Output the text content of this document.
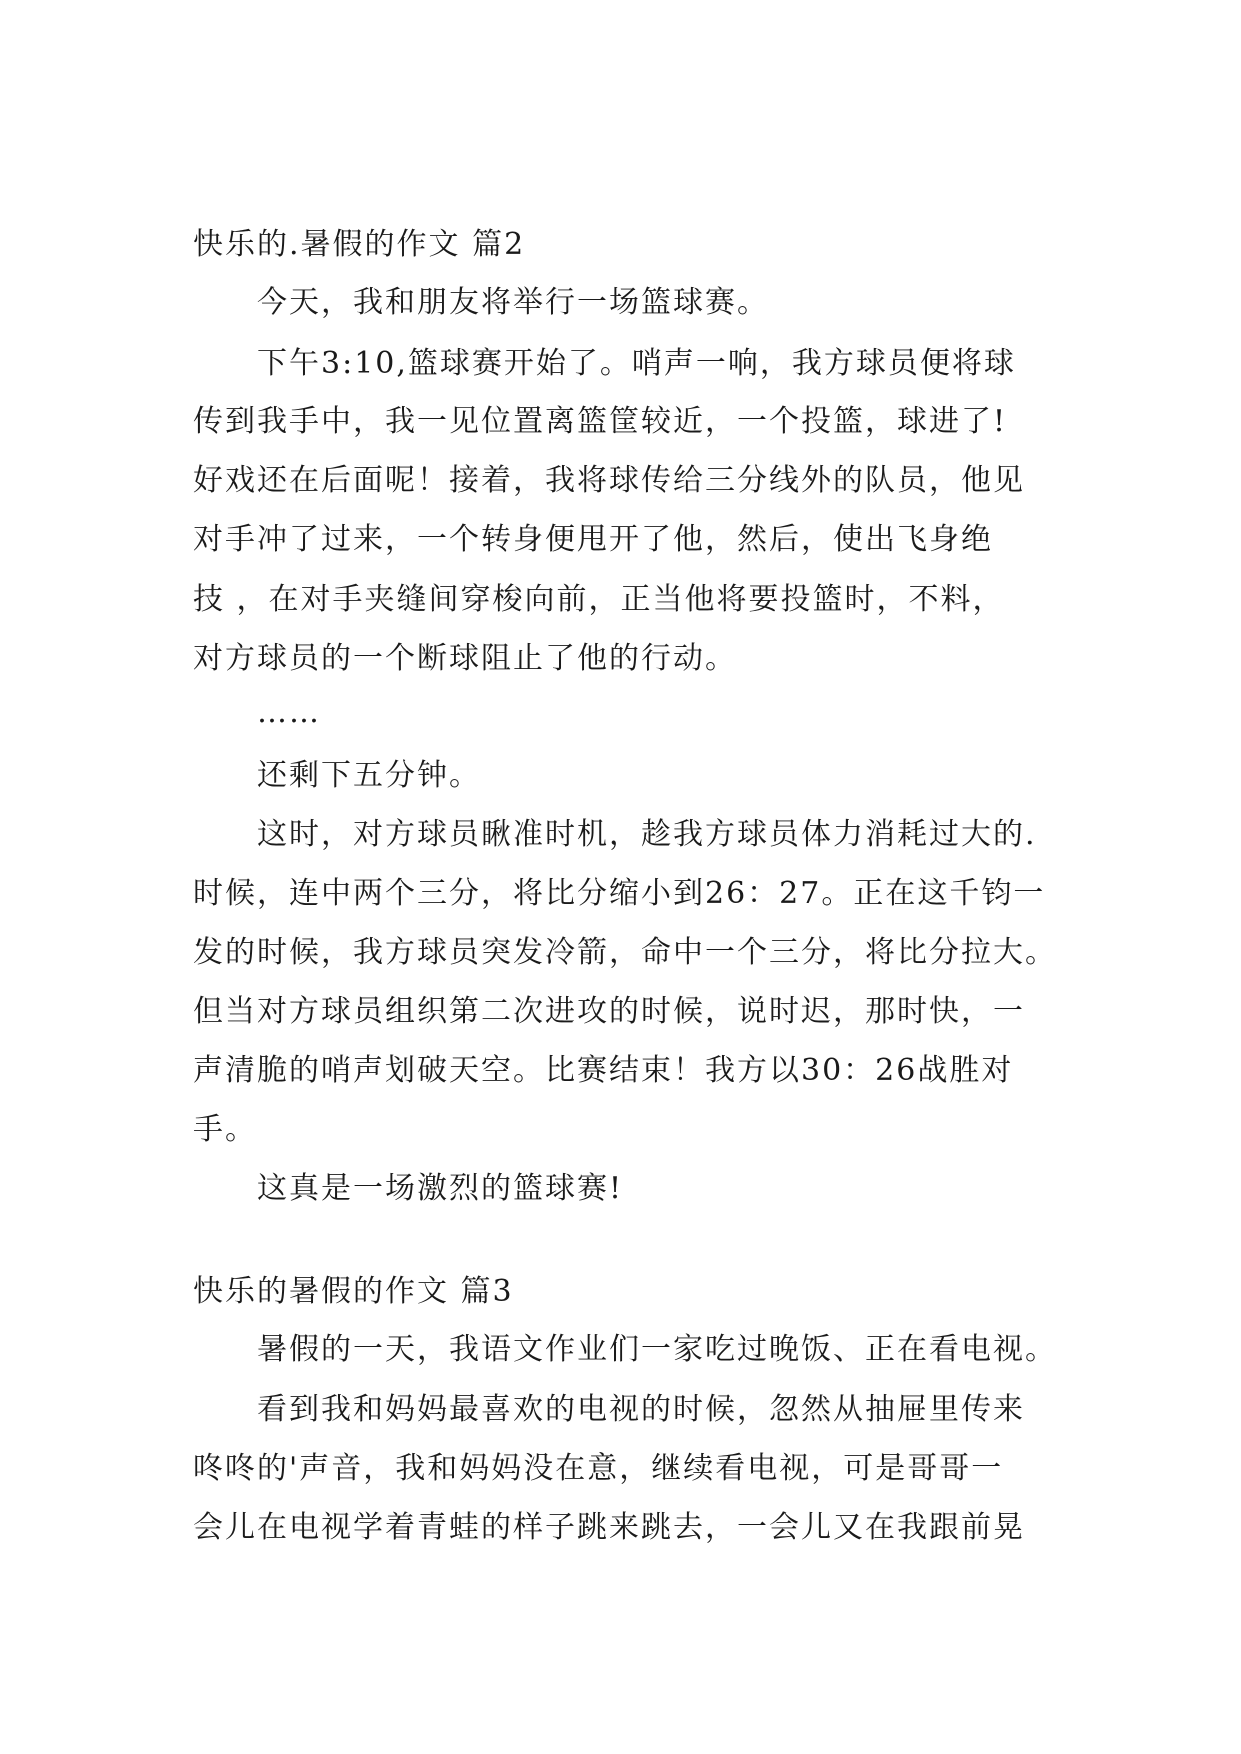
快乐的.暑假的作文 篇2
今天，我和朋友将举行一场篮球赛。
下午3:10,篮球赛开始了。哨声一响，我方球员便将球
传到我手中，我一见位置离篮筐较近，一个投篮，球进了!
好戏还在后面呢！接着，我将球传给三分线外的队员，他见
对手冲了过来，一个转身便甩开了他，然后，使出飞身绝
技 ，在对手夹缝间穿梭向前，正当他将要投篮时，不料，
对方球员的一个断球阻止了他的行动。
……
还剩下五分钟。
这时，对方球员瞅准时机，趁我方球员体力消耗过大的.
时候，连中两个三分，将比分缩小到26：27。正在这千钧一
发的时候，我方球员突发冷箭，命中一个三分，将比分拉大。
但当对方球员组织第二次进攻的时候，说时迟，那时快，一
声清脆的哨声划破天空。比赛结束！我方以30：26战胜对
手。
这真是一场激烈的篮球赛!
快乐的暑假的作文 篇3
暑假的一天，我语文作业们一家吃过晚饭、正在看电视。
看到我和妈妈最喜欢的电视的时候，忽然从抽屉里传来
咚咚的'声音，我和妈妈没在意，继续看电视，可是哥哥一
会儿在电视学着青蛙的样子跳来跳去，一会儿又在我跟前晃
